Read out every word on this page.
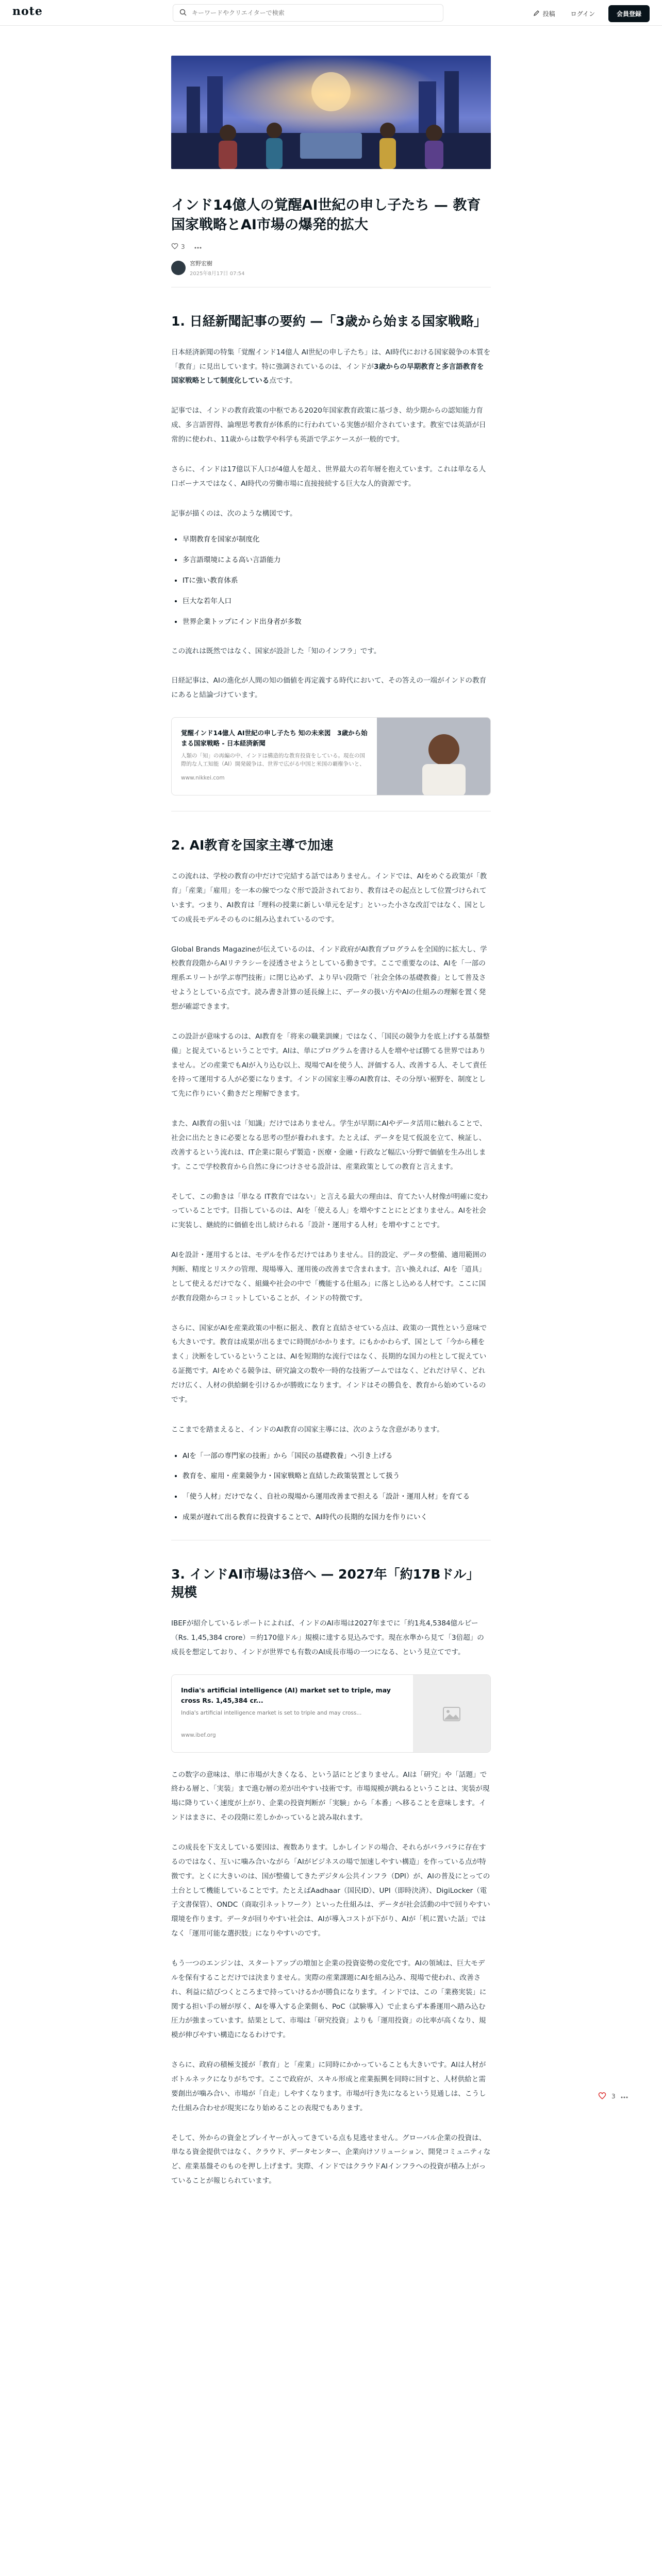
note
キーワードやクリエイターで検索	投稿	ログイン	会員登録
インド14億人の覚醒AI世紀の申し子たち — 教育国家戦略とAI市場の爆発的拡大
3
宮野宏樹
2025年8月17日 07:54
1. 日経新聞記事の要約 —「3歳から始まる国家戦略」

日本経済新聞の特集「覚醒インド14億人 AI世紀の申し子たち」は、AI時代における国家競争の本質を「教育」に見出しています。特に強調されているのは、インドが3歳からの早期教育と多言語教育を国家戦略として制度化している点です。

記事では、インドの教育政策の中枢である2020年国家教育政策に基づき、幼少期からの認知能力育成、多言語習得、論理思考教育が体系的に行われている実態が紹介されています。教室では英語が日常的に使われ、11歳からは数学や科学も英語で学ぶケースが一般的です。

さらに、インドは17億以下人口が4億人を超え、世界最大の若年層を抱えています。これは単なる人口ボーナスではなく、AI時代の労働市場に直接接続する巨大な人的資源です。

記事が描くのは、次のような構図です。

• 早期教育を国家が制度化
• 多言語環境による高い言語能力
• ITに強い教育体系
• 巨大な若年人口
• 世界企業トップにインド出身者が多数

この流れは既然ではなく、国家が設計した「知のインフラ」です。

日経記事は、AIの進化が人間の知の価値を再定義する時代において、その答えの一端がインドの教育にあると結論づけています。

覚醒インド14億人 AI世紀の申し子たち 知の未来図　3歳から始まる国家戦略 - 日本経済新聞
人類の「知」の再編の中、インドは構造的な教育投資をしている。現在の国際的な人工知能（AI）開発競争は、世界で広がる中国と米国の覇権争いと、
www.nikkei.com
2. AI教育を国家主導で加速

この流れは、学校の教育の中だけで完結する話ではありません。インドでは、AIをめぐる政策が「教育」「産業」「雇用」を一本の線でつなぐ形で設計されており、教育はその起点として位置づけられています。つまり、AI教育は「理科の授業に新しい単元を足す」といった小さな改訂ではなく、国としての成長モデルそのものに組み込まれているのです。

Global Brands Magazineが伝えているのは、インド政府がAI教育プログラムを全国的に拡大し、学校教育段階からAIリテラシーを浸透させようとしている動きです。ここで重要なのは、AIを「一部の理系エリートが学ぶ専門技術」に閉じ込めず、より早い段階で「社会全体の基礎教養」として普及させようとしている点です。読み書き計算の延長線上に、データの扱い方やAIの仕組みの理解を置く発想が確認できます。

この設計が意味するのは、AI教育を「将来の職業訓練」ではなく、「国民の競争力を底上げする基盤整備」と捉えているということです。AIは、単にプログラムを書ける人を増やせば勝てる世界ではありません。どの産業でもAIが入り込む以上、現場でAIを使う人、評価する人、改善する人、そして責任を持って運用する人が必要になります。インドの国家主導のAI教育は、その分厚い裾野を、制度として先に作りにいく動きだと理解できます。

また、AI教育の狙いは「知識」だけではありません。学生が早期にAIやデータ活用に触れることで、社会に出たときに必要となる思考の型が養われます。たとえば、データを見て仮説を立て、検証し、改善するという流れは、IT企業に限らず製造・医療・金融・行政など幅広い分野で価値を生み出します。ここで学校教育から自然に身につけさせる設計は、産業政策としての教育と言えます。

そして、この動きは「単なる IT教育ではない」と言える最大の理由は、育てたい人材像が明確に変わっていることです。目指しているのは、AIを「使える人」を増やすことにとどまりません。AIを社会に実装し、継続的に価値を出し続けられる「設計・運用する人材」を増やすことです。

AIを設計・運用するとは、モデルを作るだけではありません。目的設定、データの整備、適用範囲の判断、精度とリスクの管理、現場導入、運用後の改善まで含まれます。言い換えれば、AIを「道具」として使えるだけでなく、組織や社会の中で「機能する仕組み」に落とし込める人材です。ここに国が教育段階からコミットしていることが、インドの特徴です。

さらに、国家がAIを産業政策の中枢に据え、教育と直結させている点は、政策の一貫性という意味でも大きいです。教育は成果が出るまでに時間がかかります。にもかかわらず、国として「今から種をまく」決断をしているということは、AIを短期的な流行ではなく、長期的な国力の柱として捉えている証拠です。AIをめぐる競争は、研究論文の数や一時的な技術ブームではなく、どれだけ早く、どれだけ広く、人材の供給網を引けるかが勝敗になります。インドはその勝負を、教育から始めているのです。

ここまでを踏まえると、インドのAI教育の国家主導には、次のような含意があります。

• AIを「一部の専門家の技術」から「国民の基礎教養」へ引き上げる
• 教育を、雇用・産業競争力・国家戦略と直結した政策装置として扱う
• 「使う人材」だけでなく、自社の現場から運用改善まで担える「設計・運用人材」を育てる
• 成果が遅れて出る教育に投資することで、AI時代の長期的な国力を作りにいく
3. インドAI市場は3倍へ — 2027年「約17Bドル」規模

IBEFが紹介しているレポートによれば、インドのAI市場は2027年までに「約1兆4,5384億ルピー（Rs. 1,45,384 crore）＝約170億ドル」規模に達する見込みです。現在水準から見て「3倍超」の成長を想定しており、インドが世界でも有数のAI成長市場の一つになる、という見立てです。

India's artificial intelligence (AI) market set to triple, may cross Rs. 1,45,384 cr...
India's artificial intelligence market is set to triple and may cross...
www.ibef.org

この数字の意味は、単に市場が大きくなる、という話にとどまりません。AIは「研究」や「話題」で終わる層と、「実装」まで進む層の差が出やすい技術です。市場規模が跳ねるということは、実装が現場に降りていく速度が上がり、企業の投資判断が「実験」から「本番」へ移ることを意味します。インドはまさに、その段階に差しかかっていると読み取れます。

この成長を下支えしている要因は、複数あります。しかしインドの場合、それらがバラバラに存在するのではなく、互いに噛み合いながら「AIがビジネスの場で加速しやすい構造」を作っている点が特徴です。とくに大きいのは、国が整備してきたデジタル公共インフラ（DPI）が、AIの普及にとっての土台として機能していることです。たとえばAadhaar（国民ID）、UPI（即時決済）、DigiLocker（電子文書保管）、ONDC（商取引ネットワーク）といった仕組みは、データが社会活動の中で回りやすい環境を作ります。データが回りやすい社会は、AIが導入コストが下がり、AIが「机に置いた話」ではなく「運用可能な選択肢」になりやすいのです。

もう一つのエンジンは、スタートアップの増加と企業の投資姿勢の変化です。AIの領域は、巨大モデルを保有することだけでは決まりません。実際の産業課題にAIを組み込み、現場で使われ、改善され、利益に結びつくところまで持っていけるかが勝負になります。インドでは、この「業務実装」に関する担い手の層が厚く、AIを導入する企業側も、PoC（試験導入）で止まらず本番運用へ踏み込む圧力が強まっています。結果として、市場は「研究投資」よりも「運用投資」の比率が高くなり、規模が伸びやすい構造になるわけです。

さらに、政府の積極支援が「教育」と「産業」に同時にかかっていることも大きいです。AIは人材がボトルネックになりがちです。ここで政府が、スキル形成と産業振興を同時に回すと、人材供給と需要創出が噛み合い、市場が「自走」しやすくなります。市場が行き先になるという見通しは、こうした仕組み合わせが現実になり始めることの表現でもあります。

そして、外からの資金とプレイヤーが入ってきている点も見逃せません。グローバル企業の投資は、単なる資金提供ではなく、クラウド、データセンター、企業向けソリューション、開発コミュニティなど、産業基盤そのものを押し上げます。実際、インドではクラウドAIインフラへの投資が積み上がっていることが報じられています。

3
